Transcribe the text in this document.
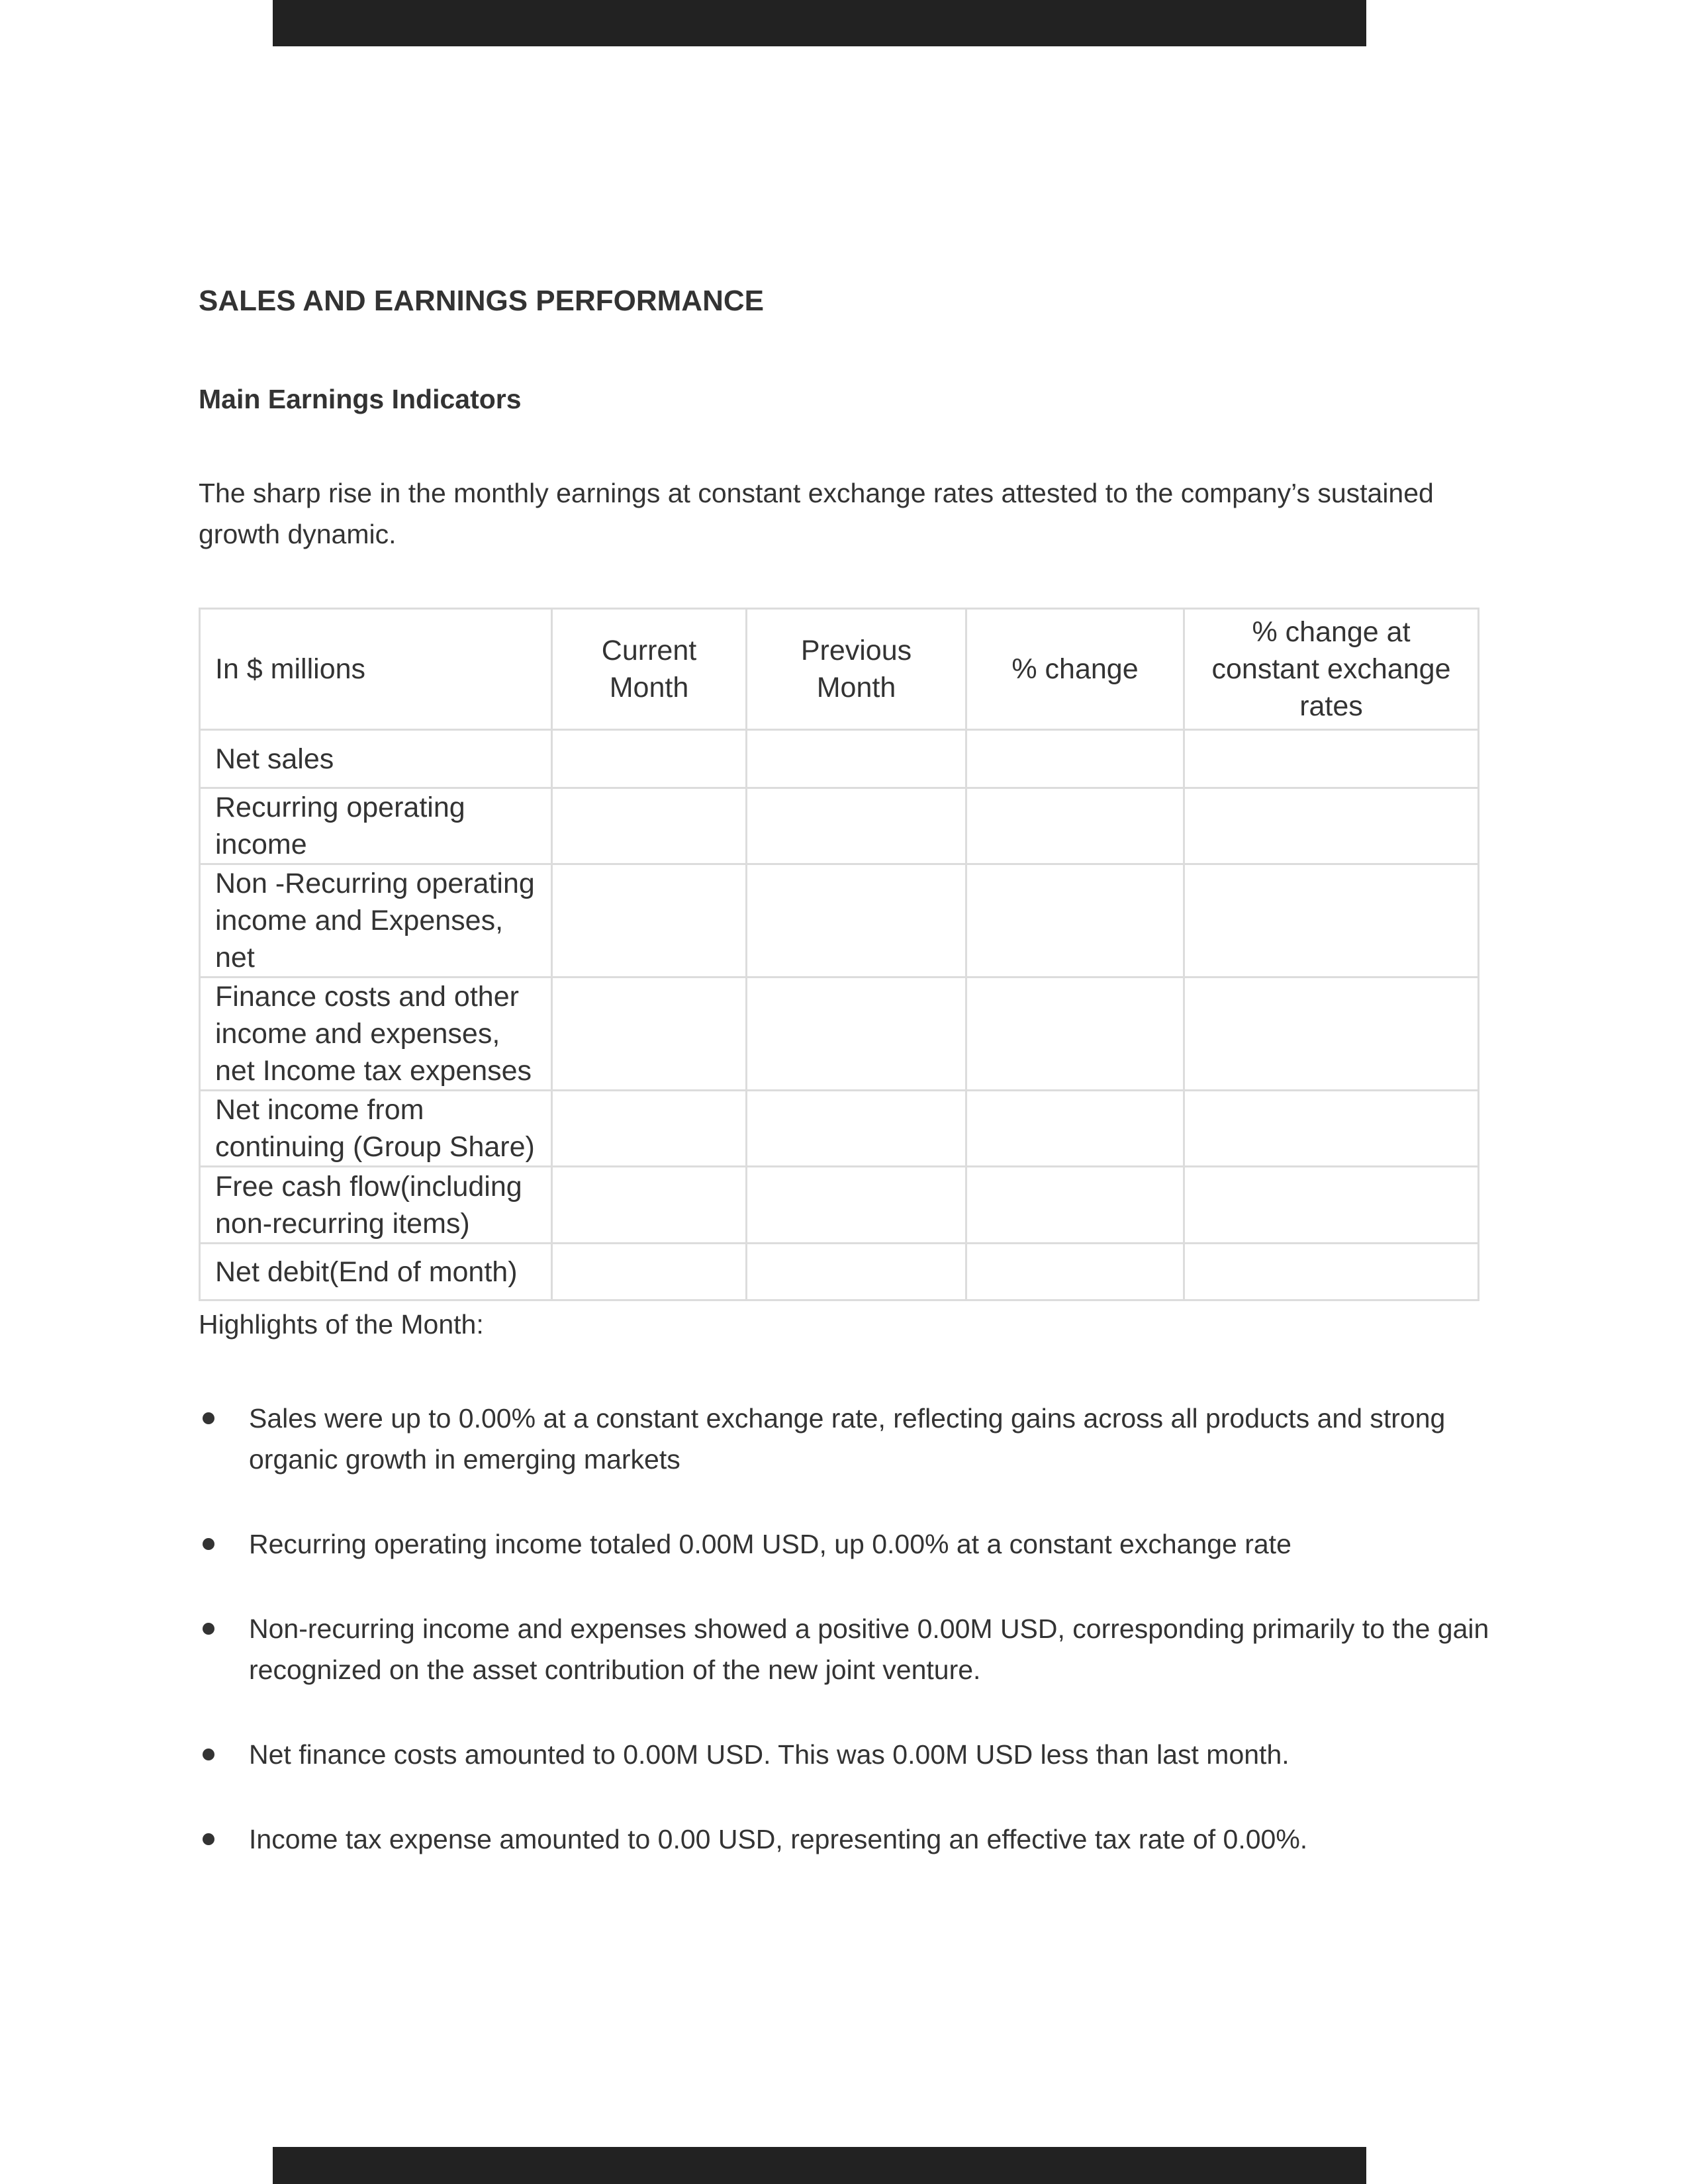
SALES AND EARNINGS PERFORMANCE
Main Earnings Indicators
The sharp rise in the monthly earnings at constant exchange rates attested to the company’s sustained growth dynamic.
In $ millions	Current Month	Previous Month	% change	% change at constant exchange rates
Net sales				
Recurring operating income				
Non -Recurring operating income and Expenses, net				
Finance costs and other income and expenses, net Income tax expenses				
Net income from continuing (Group Share)				
Free cash flow(including non-recurring items)				
Net debit(End of month)				
Highlights of the Month:
Sales were up to 0.00% at a constant exchange rate, reflecting gains across all products and strong organic growth in emerging markets
Recurring operating income totaled 0.00M USD, up 0.00% at a constant exchange rate
Non-recurring income and expenses showed a positive 0.00M USD, corresponding primarily to the gain recognized on the asset contribution of the new joint venture.
Net finance costs amounted to 0.00M USD. This was 0.00M USD less than last month.
Income tax expense amounted to 0.00 USD, representing an effective tax rate of 0.00%.
